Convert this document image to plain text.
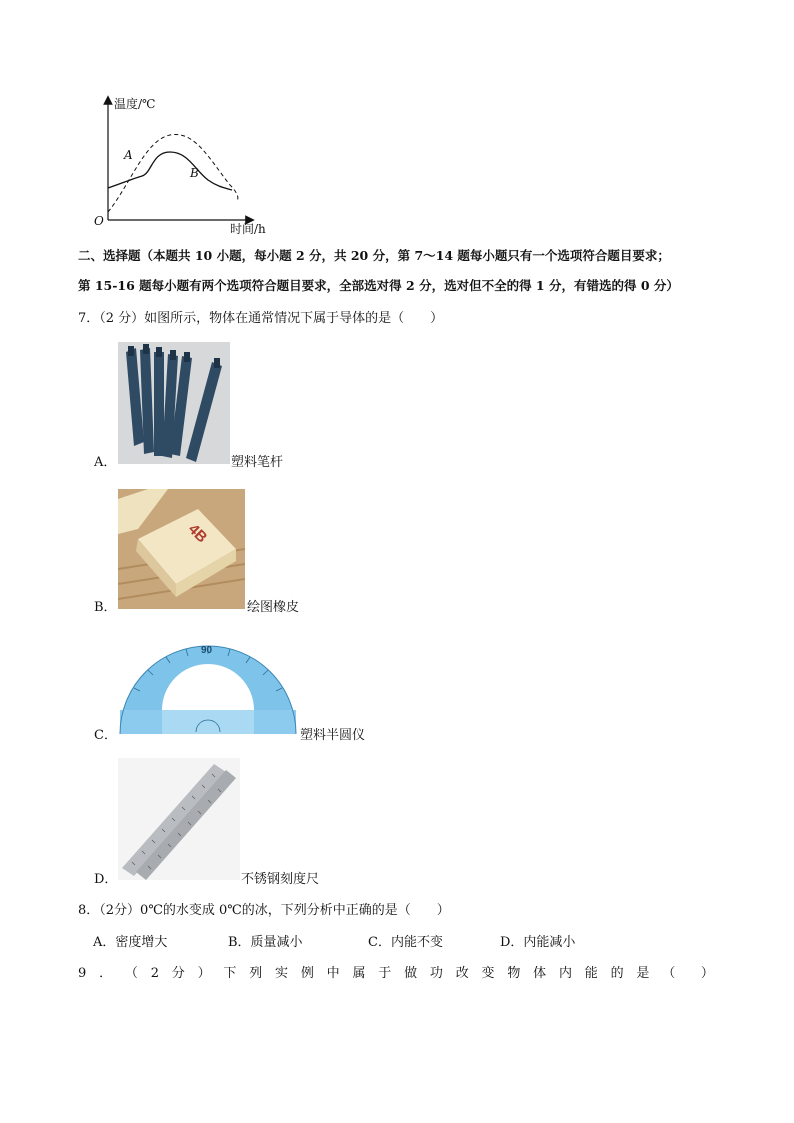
温度/℃
时间/h
O
A
B
二、选择题（本题共 10 小题，每小题 2 分，共 20 分，第 7～14 题每小题只有一个选项符合题目要求；
第 15-16 题每小题有两个选项符合题目要求，全部选对得 2 分，选对但不全的得 1 分，有错选的得 0 分）
7．（2 分）如图所示，物体在通常情况下属于导体的是（　　）
A．	塑料笔杆
B．
4B
绘图橡皮
C．
90
塑料半圆仪
D．	不锈钢刻度尺
8．（2分）0℃的水变成 0℃的冰，下列分析中正确的是（　　）
A．密度增大	B．质量减小	C．内能不变	D．内能减小
9 ． （ 2 分 ） 下 列 实 例 中 属 于 做 功 改 变 物 体 内 能 的 是 （ ）
